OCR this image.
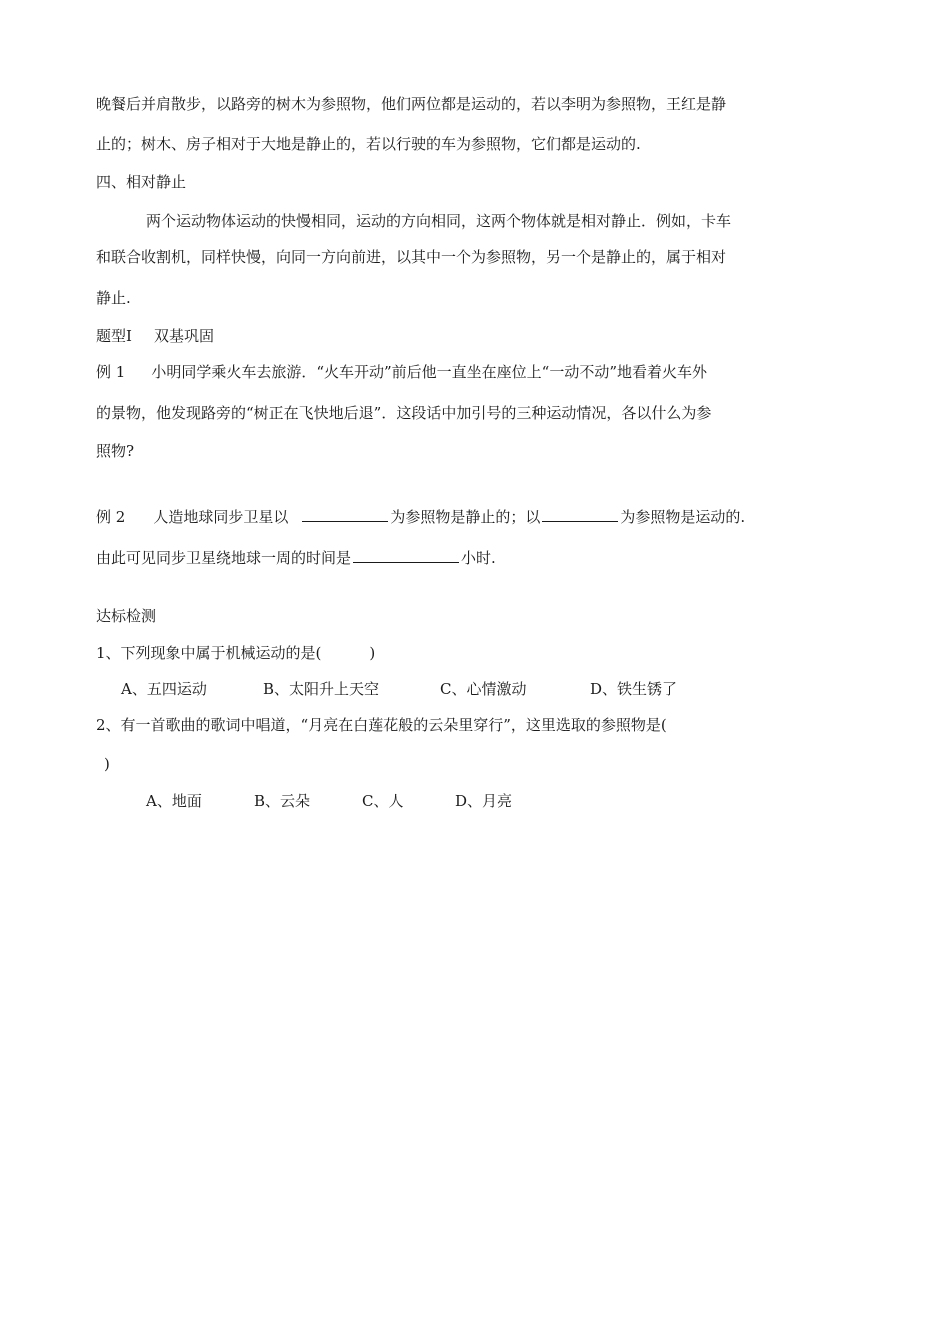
晚餐后并肩散步，以路旁的树木为参照物，他们两位都是运动的，若以李明为参照物，王红是静
止的；树木、房子相对于大地是静止的，若以行驶的车为参照物，它们都是运动的.
四、相对静止
两个运动物体运动的快慢相同，运动的方向相同，这两个物体就是相对静止．例如，卡车
和联合收割机，同样快慢，向同一方向前进，以其中一个为参照物，另一个是静止的，属于相对
静止.
题型Ⅰ 双基巩固
例 1 小明同学乘火车去旅游．“火车开动”前后他一直坐在座位上“一动不动”地看着火车外
的景物，他发现路旁的“树正在飞快地后退”．这段话中加引号的三种运动情况，各以什么为参
照物?
例 2 人造地球同步卫星以	为参照物是静止的；以	为参照物是运动的.
由此可见同步卫星绕地球一周的时间是	小时.
达标检测
1、下列现象中属于机械运动的是(	)
A、五四运动	B、太阳升上天空	C、心情激动	D、铁生锈了
2、有一首歌曲的歌词中唱道，“月亮在白莲花般的云朵里穿行”，这里选取的参照物是(
)
A、地面	B、云朵	C、人	D、月亮
